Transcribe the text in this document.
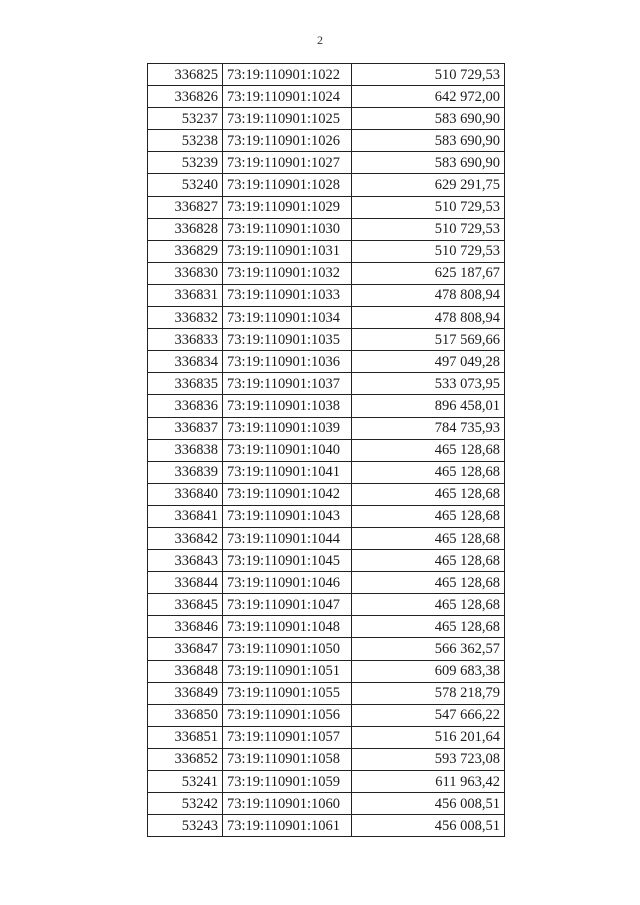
2
336825	73:19:110901:1022	510 729,53
336826	73:19:110901:1024	642 972,00
53237	73:19:110901:1025	583 690,90
53238	73:19:110901:1026	583 690,90
53239	73:19:110901:1027	583 690,90
53240	73:19:110901:1028	629 291,75
336827	73:19:110901:1029	510 729,53
336828	73:19:110901:1030	510 729,53
336829	73:19:110901:1031	510 729,53
336830	73:19:110901:1032	625 187,67
336831	73:19:110901:1033	478 808,94
336832	73:19:110901:1034	478 808,94
336833	73:19:110901:1035	517 569,66
336834	73:19:110901:1036	497 049,28
336835	73:19:110901:1037	533 073,95
336836	73:19:110901:1038	896 458,01
336837	73:19:110901:1039	784 735,93
336838	73:19:110901:1040	465 128,68
336839	73:19:110901:1041	465 128,68
336840	73:19:110901:1042	465 128,68
336841	73:19:110901:1043	465 128,68
336842	73:19:110901:1044	465 128,68
336843	73:19:110901:1045	465 128,68
336844	73:19:110901:1046	465 128,68
336845	73:19:110901:1047	465 128,68
336846	73:19:110901:1048	465 128,68
336847	73:19:110901:1050	566 362,57
336848	73:19:110901:1051	609 683,38
336849	73:19:110901:1055	578 218,79
336850	73:19:110901:1056	547 666,22
336851	73:19:110901:1057	516 201,64
336852	73:19:110901:1058	593 723,08
53241	73:19:110901:1059	611 963,42
53242	73:19:110901:1060	456 008,51
53243	73:19:110901:1061	456 008,51
